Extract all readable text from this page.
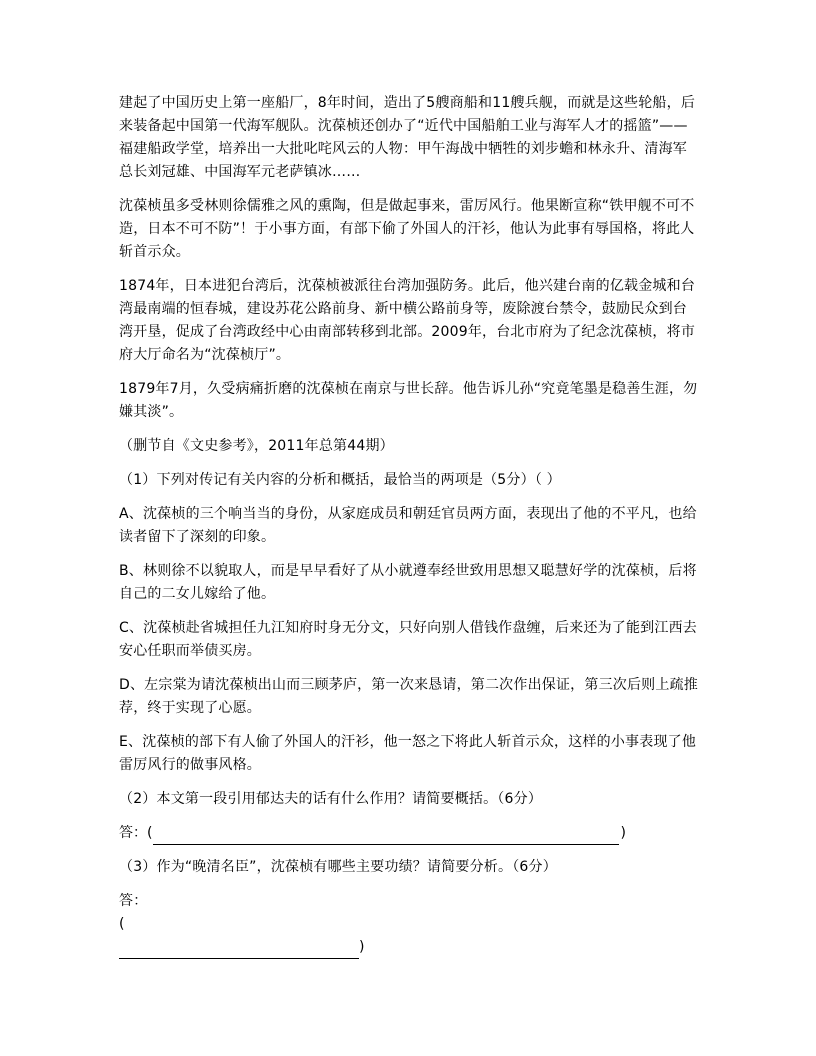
建起了中国历史上第一座船厂，8年时间，造出了5艘商船和11艘兵舰，而就是这些轮船，后来装备起中国第一代海军舰队。沈葆桢还创办了“近代中国船舶工业与海军人才的摇篮”——福建船政学堂，培养出一大批叱咤风云的人物：甲午海战中牺牲的刘步蟾和林永升、清海军总长刘冠雄、中国海军元老萨镇冰……

沈葆桢虽多受林则徐儒雅之风的熏陶，但是做起事来，雷厉风行。他果断宣称“铁甲舰不可不造，日本不可不防”！于小事方面，有部下偷了外国人的汗衫，他认为此事有辱国格，将此人斩首示众。

1874年，日本进犯台湾后，沈葆桢被派往台湾加强防务。此后，他兴建台南的亿载金城和台湾最南端的恒春城，建设苏花公路前身、新中横公路前身等，废除渡台禁令，鼓励民众到台湾开垦，促成了台湾政经中心由南部转移到北部。2009年，台北市府为了纪念沈葆桢，将市府大厅命名为“沈葆桢厅”。

1879年7月，久受病痛折磨的沈葆桢在南京与世长辞。他告诉儿孙“究竟笔墨是稳善生涯，勿嫌其淡”。

（删节自《文史参考》，2011年总第44期）

（1）下列对传记有关内容的分析和概括，最恰当的两项是（5分）（ ）

A、沈葆桢的三个响当当的身份，从家庭成员和朝廷官员两方面，表现出了他的不平凡，也给读者留下了深刻的印象。

B、林则徐不以貌取人，而是早早看好了从小就遵奉经世致用思想又聪慧好学的沈葆桢，后将自己的二女儿嫁给了他。

C、沈葆桢赴省城担任九江知府时身无分文，只好向别人借钱作盘缠，后来还为了能到江西去安心任职而举债买房。

D、左宗棠为请沈葆桢出山而三顾茅庐，第一次来恳请，第二次作出保证，第三次后则上疏推荐，终于实现了心愿。

E、沈葆桢的部下有人偷了外国人的汗衫，他一怒之下将此人斩首示众，这样的小事表现了他雷厉风行的做事风格。

（2）本文第一段引用郁达夫的话有什么作用？请简要概括。（6分）

答：(	)

（3）作为“晚清名臣”，沈葆桢有哪些主要功绩？请简要分析。（6分）

答：

(

)
